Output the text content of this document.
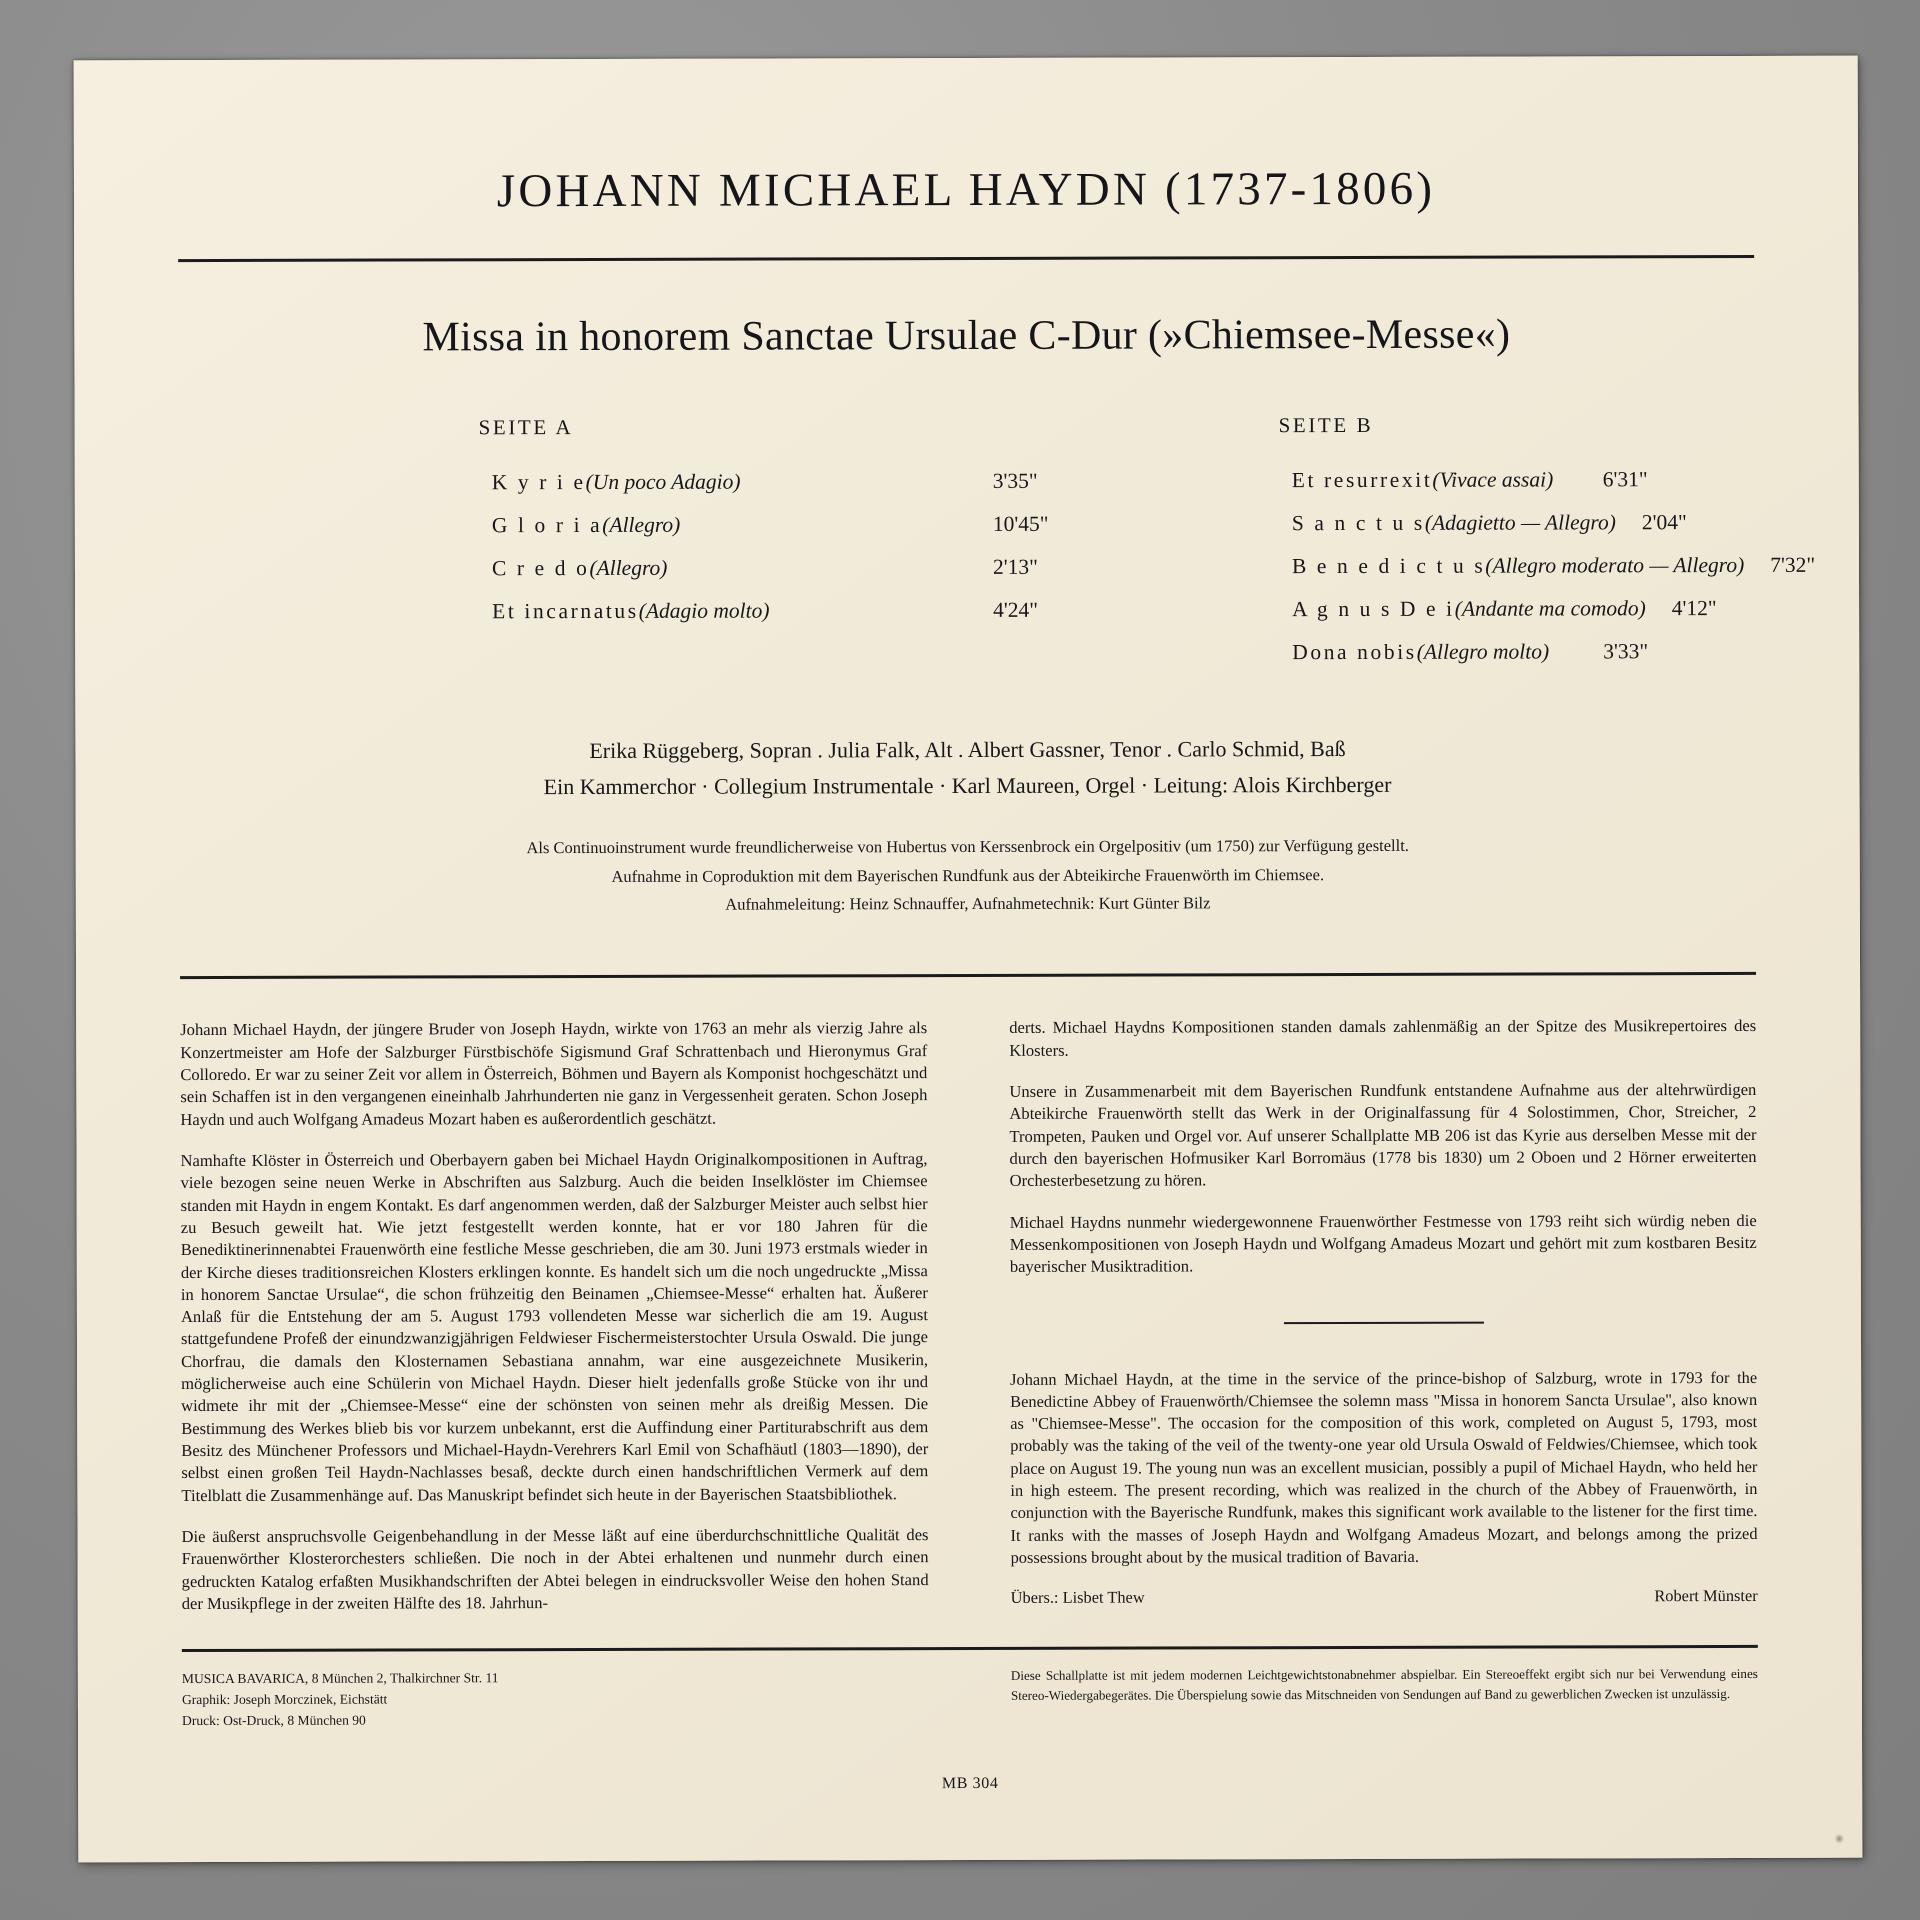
JOHANN MICHAEL HAYDN (1737-1806)
Missa in honorem Sanctae Ursulae C-Dur (»Chiemsee-Messe«)
SEITE A
K y r i e(Un poco Adagio)	3'35"
G l o r i a(Allegro)	10'45"
C r e d o(Allegro)	2'13"
Et incarnatus(Adagio molto)	4'24"
SEITE B
Et resurrexit(Vivace assai)	6'31"
S a n c t u s(Adagietto — Allegro)	2'04"
B e n e d i c t u s(Allegro moderato — Allegro)	7'32"
A g n u s D e i(Andante ma comodo)	4'12"
Dona nobis(Allegro molto)	3'33"
Erika Rüggeberg, Sopran . Julia Falk, Alt . Albert Gassner, Tenor . Carlo Schmid, Baß
Ein Kammerchor · Collegium Instrumentale · Karl Maureen, Orgel · Leitung: Alois Kirchberger
Als Continuoinstrument wurde freundlicherweise von Hubertus von Kerssenbrock ein Orgelpositiv (um 1750) zur Verfügung gestellt.
Aufnahme in Coproduktion mit dem Bayerischen Rundfunk aus der Abteikirche Frauenwörth im Chiemsee.
Aufnahmeleitung: Heinz Schnauffer, Aufnahmetechnik: Kurt Günter Bilz

Johann Michael Haydn, der jüngere Bruder von Joseph Haydn, wirkte von 1763 an mehr als vierzig Jahre als Konzertmeister am Hofe der Salzburger Fürstbischöfe Sigismund Graf Schrattenbach und Hieronymus Graf Colloredo. Er war zu seiner Zeit vor allem in Österreich, Böhmen und Bayern als Komponist hochgeschätzt und sein Schaffen ist in den vergangenen eineinhalb Jahrhunderten nie ganz in Vergessenheit geraten. Schon Joseph Haydn und auch Wolfgang Amadeus Mozart haben es außerordentlich geschätzt.

Namhafte Klöster in Österreich und Oberbayern gaben bei Michael Haydn Originalkompositionen in Auftrag, viele bezogen seine neuen Werke in Abschriften aus Salzburg. Auch die beiden Inselklöster im Chiemsee standen mit Haydn in engem Kontakt. Es darf angenommen werden, daß der Salzburger Meister auch selbst hier zu Besuch geweilt hat. Wie jetzt festgestellt werden konnte, hat er vor 180 Jahren für die Benediktinerinnenabtei Frauenwörth eine festliche Messe geschrieben, die am 30. Juni 1973 erstmals wieder in der Kirche dieses traditionsreichen Klosters erklingen konnte. Es handelt sich um die noch ungedruckte „Missa in honorem Sanctae Ursulae“, die schon frühzeitig den Beinamen „Chiemsee-Messe“ erhalten hat. Äußerer Anlaß für die Entstehung der am 5. August 1793 vollendeten Messe war sicherlich die am 19. August stattgefundene Profeß der einundzwanzigjährigen Feldwieser Fischermeisterstochter Ursula Oswald. Die junge Chorfrau, die damals den Klosternamen Sebastiana annahm, war eine ausgezeichnete Musikerin, möglicherweise auch eine Schülerin von Michael Haydn. Dieser hielt jedenfalls große Stücke von ihr und widmete ihr mit der „Chiemsee-Messe“ eine der schönsten von seinen mehr als dreißig Messen. Die Bestimmung des Werkes blieb bis vor kurzem unbekannt, erst die Auffindung einer Partiturabschrift aus dem Besitz des Münchener Professors und Michael-Haydn-Verehrers Karl Emil von Schafhäutl (1803—1890), der selbst einen großen Teil Haydn-Nachlasses besaß, deckte durch einen handschriftlichen Vermerk auf dem Titelblatt die Zusammenhänge auf. Das Manuskript befindet sich heute in der Bayerischen Staatsbibliothek.

Die äußerst anspruchsvolle Geigenbehandlung in der Messe läßt auf eine überdurchschnittliche Qualität des Frauenwörther Klosterorchesters schließen. Die noch in der Abtei erhaltenen und nunmehr durch einen gedruckten Katalog erfaßten Musikhandschriften der Abtei belegen in eindrucksvoller Weise den hohen Stand der Musikpflege in der zweiten Hälfte des 18. Jahrhun-

derts. Michael Haydns Kompositionen standen damals zahlenmäßig an der Spitze des Musikrepertoires des Klosters.

Unsere in Zusammenarbeit mit dem Bayerischen Rundfunk entstandene Aufnahme aus der altehrwürdigen Abteikirche Frauenwörth stellt das Werk in der Originalfassung für 4 Solostimmen, Chor, Streicher, 2 Trompeten, Pauken und Orgel vor. Auf unserer Schallplatte MB 206 ist das Kyrie aus derselben Messe mit der durch den bayerischen Hofmusiker Karl Borromäus (1778 bis 1830) um 2 Oboen und 2 Hörner erweiterten Orchesterbesetzung zu hören.

Michael Haydns nunmehr wiedergewonnene Frauenwörther Festmesse von 1793 reiht sich würdig neben die Messenkompositionen von Joseph Haydn und Wolfgang Amadeus Mozart und gehört mit zum kostbaren Besitz bayerischer Musiktradition.

Johann Michael Haydn, at the time in the service of the prince-bishop of Salzburg, wrote in 1793 for the Benedictine Abbey of Frauenwörth/Chiemsee the solemn mass "Missa in honorem Sancta Ursulae", also known as "Chiemsee-Messe". The occasion for the composition of this work, completed on August 5, 1793, most probably was the taking of the veil of the twenty-one year old Ursula Oswald of Feldwies/Chiemsee, which took place on August 19. The young nun was an excellent musician, possibly a pupil of Michael Haydn, who held her in high esteem. The present recording, which was realized in the church of the Abbey of Frauenwörth, in conjunction with the Bayerische Rundfunk, makes this significant work available to the listener for the first time. It ranks with the masses of Joseph Haydn and Wolfgang Amadeus Mozart, and belongs among the prized possessions brought about by the musical tradition of Bavaria.

Übers.: Lisbet Thew	Robert Münster
MUSICA BAVARICA, 8 München 2, Thalkirchner Str. 11
Graphik: Joseph Morczinek, Eichstätt
Druck: Ost-Druck, 8 München 90
Diese Schallplatte ist mit jedem modernen Leichtgewichtstonabnehmer abspielbar. Ein Stereoeffekt ergibt sich nur bei Verwendung eines Stereo-Wiedergabegerätes. Die Überspielung sowie das Mitschneiden von Sendungen auf Band zu gewerblichen Zwecken ist unzulässig.
MB 304
